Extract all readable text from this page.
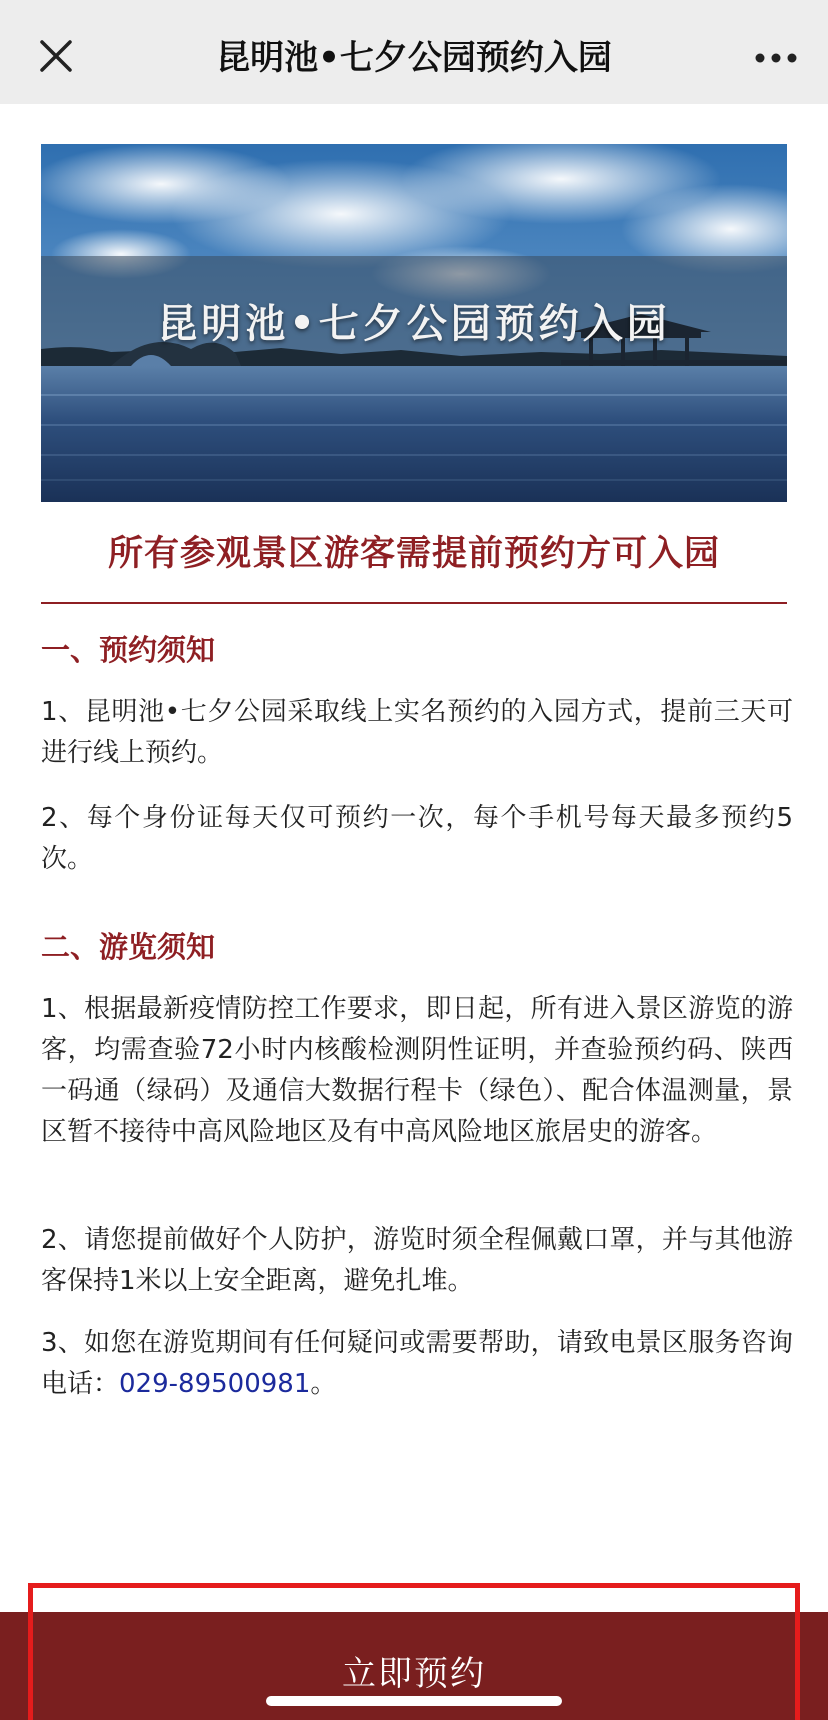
昆明池•七夕公园预约入园
昆明池•七夕公园预约入园
所有参观景区游客需提前预约方可入园
一、预约须知
1、昆明池•七夕公园采取线上实名预约的入园方式，提前三天可进行线上预约。
2、每个身份证每天仅可预约一次，每个手机号每天最多预约5次。
二、游览须知
1、根据最新疫情防控工作要求，即日起，所有进入景区游览的游客，均需查验72小时内核酸检测阴性证明，并查验预约码、陕西一码通（绿码）及通信大数据行程卡（绿色）、配合体温测量，景区暂不接待中高风险地区及有中高风险地区旅居史的游客。
2、请您提前做好个人防护，游览时须全程佩戴口罩，并与其他游客保持1米以上安全距离，避免扎堆。
3、如您在游览期间有任何疑问或需要帮助，请致电景区服务咨询电话：029-89500981。
立即预约
